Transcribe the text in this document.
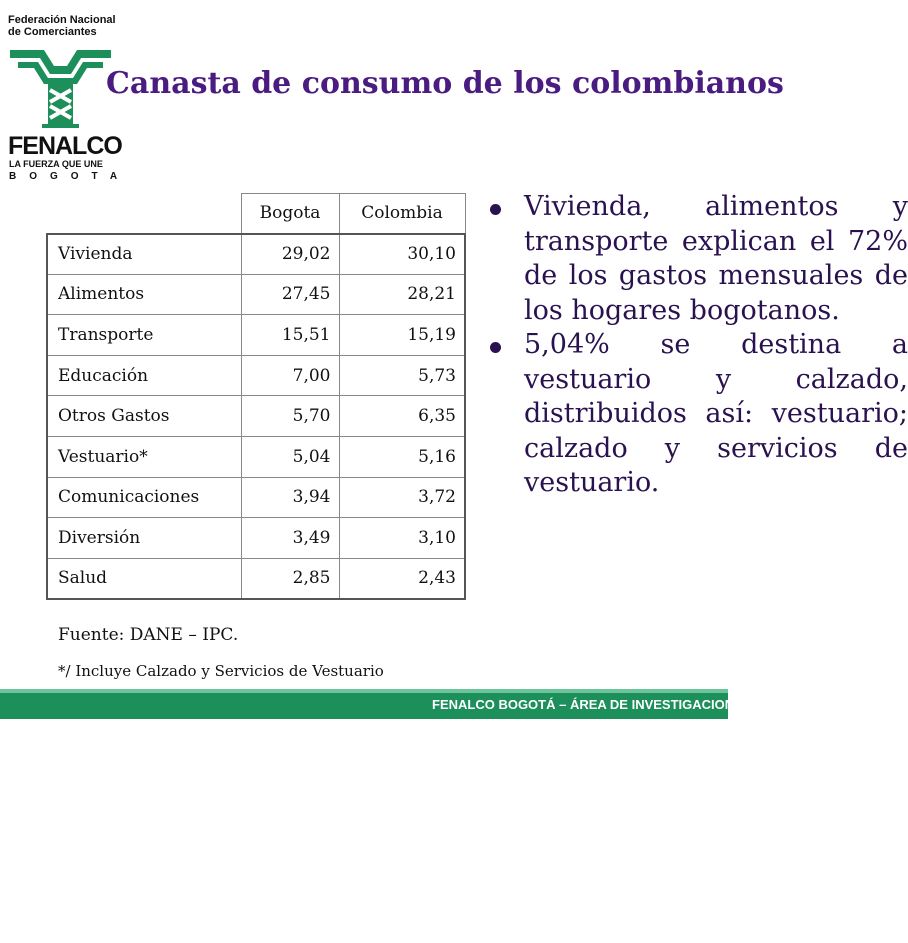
Federación Nacional
de Comerciantes
FENALCO
LA FUERZA QUE UNE
BOGOTA
Canasta de consumo de los colombianos
	Bogota	Colombia
Vivienda	29,02	30,10
Alimentos	27,45	28,21
Transporte	15,51	15,19
Educación	7,00	5,73
Otros Gastos	5,70	6,35
Vestuario*	5,04	5,16
Comunicaciones	3,94	3,72
Diversión	3,49	3,10
Salud	2,85	2,43
Fuente: DANE – IPC.
*/ Incluye Calzado y Servicios de Vestuario
Vivienda, alimentos y transporte explican el 72% de los gastos mensuales de los hogares bogotanos.
5,04% se destina a vestuario y calzado, distribuidos así: vestuario; calzado y servicios de vestuario.
FENALCO BOGOTÁ – ÁREA DE INVESTIGACIONES
